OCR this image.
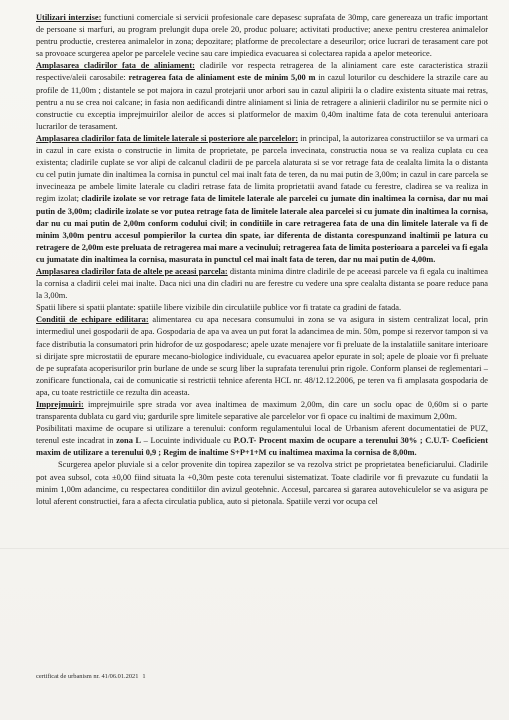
Utilizari interzise: functiuni comerciale si servicii profesionale care depasesc suprafata de 30mp, care genereaza un trafic important de persoane si marfuri, au program prelungit dupa orele 20, produc poluare; activitati productive; anexe pentru cresterea animalelor pentru productie, cresterea animalelor in zona; depozitare; platforme de precolectare a deseurilor; orice lucrari de terasament care pot sa provoace scurgerea apelor pe parcelele vecine sau care impiedica evacuarea si colectarea rapida a apelor meteorice.

Amplasarea cladirilor fata de aliniament: cladirile vor respecta retragerea de la aliniament care este caracteristica strazii respective/aleii carosabile: retragerea fata de aliniament este de minim 5,00 m in cazul loturilor cu deschidere la strazile care au profile de 11,00m ; distantele se pot majora in cazul protejarii unor arbori sau in cazul alipirii la o cladire existenta situate mai retras, pentru a nu se crea noi calcane; in fasia non aedificandi dintre aliniament si linia de retragere a alinierii cladirilor nu se permite nici o constructie cu exceptia imprejmuirilor aleilor de acces si platformelor de maxim 0,40m inaltime fata de cota terenului anterioara lucrarilor de terasament.

Amplasarea cladirilor fata de limitele laterale si posteriore ale parcelelor: in principal, la autorizarea constructiilor se va urmari ca in cazul in care exista o constructie in limita de proprietate, pe parcela invecinata, constructia noua se va realiza cuplata cu cea existenta; cladirile cuplate se vor alipi de calcanul cladirii de pe parcela alaturata si se vor retrage fata de cealalta limita la o distanta cu cel putin jumate din inaltimea la cornisa in punctul cel mai inalt fata de teren, da nu mai putin de 3,00m; in cazul in care parcela se invecineaza pe ambele limite laterale cu cladiri retrase fata de limita proprietatii avand fatade cu ferestre, cladirea se va realiza in regim izolat; cladirile izolate se vor retrage fata de limitele laterale ale parcelei cu jumate din inaltimea la cornisa, dar nu mai putin de 3,00m; cladirile izolate se vor putea retrage fata de limitele laterale alea parcelei si cu jumate din inaltimea la cornisa, dar nu cu mai putin de 2,00m conform codului civil; in conditiile in care retragerea fata de una din limitele laterale va fi de minim 3,00m pentru accesul pompierilor la curtea din spate, iar diferenta de distanta corespunzand inaltimii pe latura cu retragere de 2,00m este preluata de retragerea mai mare a vecinului; retragerea fata de limita posterioara a parcelei va fi egala cu jumatate din inaltimea la cornisa, masurata in punctul cel mai inalt fata de teren, dar nu mai putin de 4,00m.

Amplasarea cladirilor fata de altele pe aceasi parcela: distanta minima dintre cladirile de pe aceeasi parcele va fi egala cu inaltimea la cornisa a cladirii celei mai inalte. Daca nici una din cladiri nu are ferestre cu vedere una spre cealalta distanta se poare reduce pana la 3,00m.

Spatii libere si spatii plantate: spatiile libere vizibile din circulatiile publice vor fi tratate ca gradini de fatada.

Conditii de echipare edilitara: alimentarea cu apa necesara consumului in zona se va asigura in sistem centralizat local, prin intermediul unei gospodarii de apa. Gospodaria de apa va avea un put forat la adancimea de min. 50m, pompe si rezervor tampon si va face distributia la consumatori prin hidrofor de uz gospodaresc; apele uzate menajere vor fi preluate de la instalatiile sanitare interioare si dirijate spre microstatii de epurare mecano-biologice individuale, cu evacuarea apelor epurate in sol; apele de ploaie vor fi preluate de pe suprafata acoperisurilor prin burlane de unde se scurg liber la suprafata terenului prin rigole. Conform plansei de reglementari – zonificare functionala, cai de comunicatie si restrictii tehnice aferenta HCL nr. 48/12.12.2006, pe teren va fi amplasata gospodaria de apa, cu toate restrictiile ce rezulta din aceasta.

Imprejmuiri: imprejmuirile spre strada vor avea inaltimea de maximum 2,00m, din care un soclu opac de 0,60m si o parte transparenta dublata cu gard viu; gardurile spre limitele separative ale parcelelor vor fi opace cu inaltimi de maximum 2,00m.

Posibilitati maxime de ocupare si utilizare a terenului: conform regulamentului local de Urbanism aferent documentatiei de PUZ, terenul este incadrat in zona L – Locuinte individuale cu P.O.T- Procent maxim de ocupare a terenului 30% ; C.U.T- Coeficient maxim de utilizare a terenului 0,9 ; Regim de inaltime S+P+1+M cu inaltimea maxima la cornisa de 8,00m.

Scurgerea apelor pluviale si a celor provenite din topirea zapezilor se va rezolva strict pe proprietatea beneficiarului. Cladirile pot avea subsol, cota ±0,00 fiind situata la +0,30m peste cota terenului sistematizat. Toate cladirile vor fi prevazute cu fundatii la minim 1,00m adancime, cu respectarea conditiilor din avizul geotehnic. Accesul, parcarea si gararea autovehiculelor se va asigura pe lotul aferent constructiei, fara a afecta circulatia publica, auto si pietonala. Spatiile verzi vor ocupa cel

certificat de urbanism nr. 41/06.01.2021 1
